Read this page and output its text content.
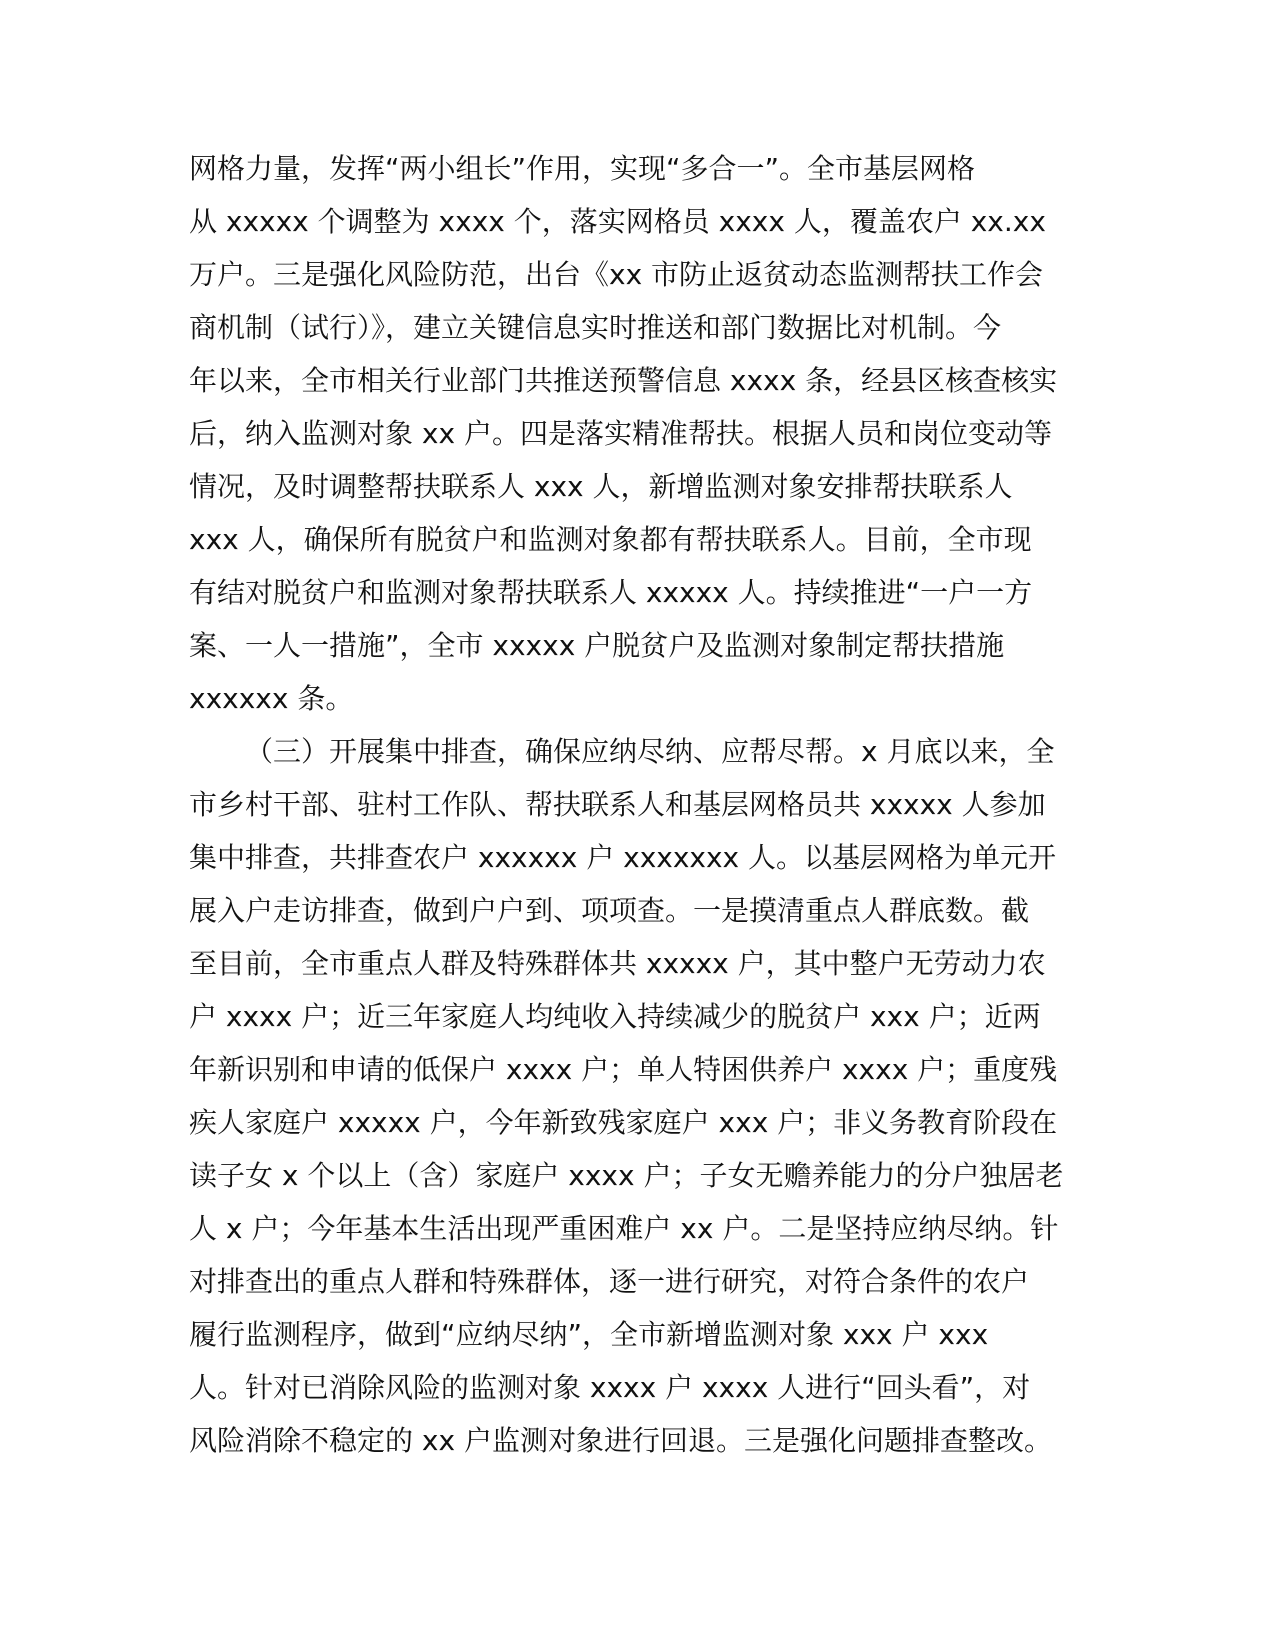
网格力量，发挥“两小组长”作用，实现“多合一”。全市基层网格
从 xxxxx 个调整为 xxxx 个，落实网格员 xxxx 人，覆盖农户 xx.xx
万户。三是强化风险防范，出台《xx 市防止返贫动态监测帮扶工作会
商机制（试行）》，建立关键信息实时推送和部门数据比对机制。今
年以来，全市相关行业部门共推送预警信息 xxxx 条，经县区核查核实
后，纳入监测对象 xx 户。四是落实精准帮扶。根据人员和岗位变动等
情况，及时调整帮扶联系人 xxx 人，新增监测对象安排帮扶联系人
xxx 人，确保所有脱贫户和监测对象都有帮扶联系人。目前，全市现
有结对脱贫户和监测对象帮扶联系人 xxxxx 人。持续推进“一户一方
案、一人一措施”，全市 xxxxx 户脱贫户及监测对象制定帮扶措施
xxxxxx 条。
（三）开展集中排查，确保应纳尽纳、应帮尽帮。x 月底以来，全
市乡村干部、驻村工作队、帮扶联系人和基层网格员共 xxxxx 人参加
集中排查，共排查农户 xxxxxx 户 xxxxxxx 人。以基层网格为单元开
展入户走访排查，做到户户到、项项查。一是摸清重点人群底数。截
至目前，全市重点人群及特殊群体共 xxxxx 户，其中整户无劳动力农
户 xxxx 户；近三年家庭人均纯收入持续减少的脱贫户 xxx 户；近两
年新识别和申请的低保户 xxxx 户；单人特困供养户 xxxx 户；重度残
疾人家庭户 xxxxx 户，今年新致残家庭户 xxx 户；非义务教育阶段在
读子女 x 个以上（含）家庭户 xxxx 户；子女无赡养能力的分户独居老
人 x 户；今年基本生活出现严重困难户 xx 户。二是坚持应纳尽纳。针
对排查出的重点人群和特殊群体，逐一进行研究，对符合条件的农户
履行监测程序，做到“应纳尽纳”，全市新增监测对象 xxx 户 xxx
人。针对已消除风险的监测对象 xxxx 户 xxxx 人进行“回头看”，对
风险消除不稳定的 xx 户监测对象进行回退。三是强化问题排查整改。
